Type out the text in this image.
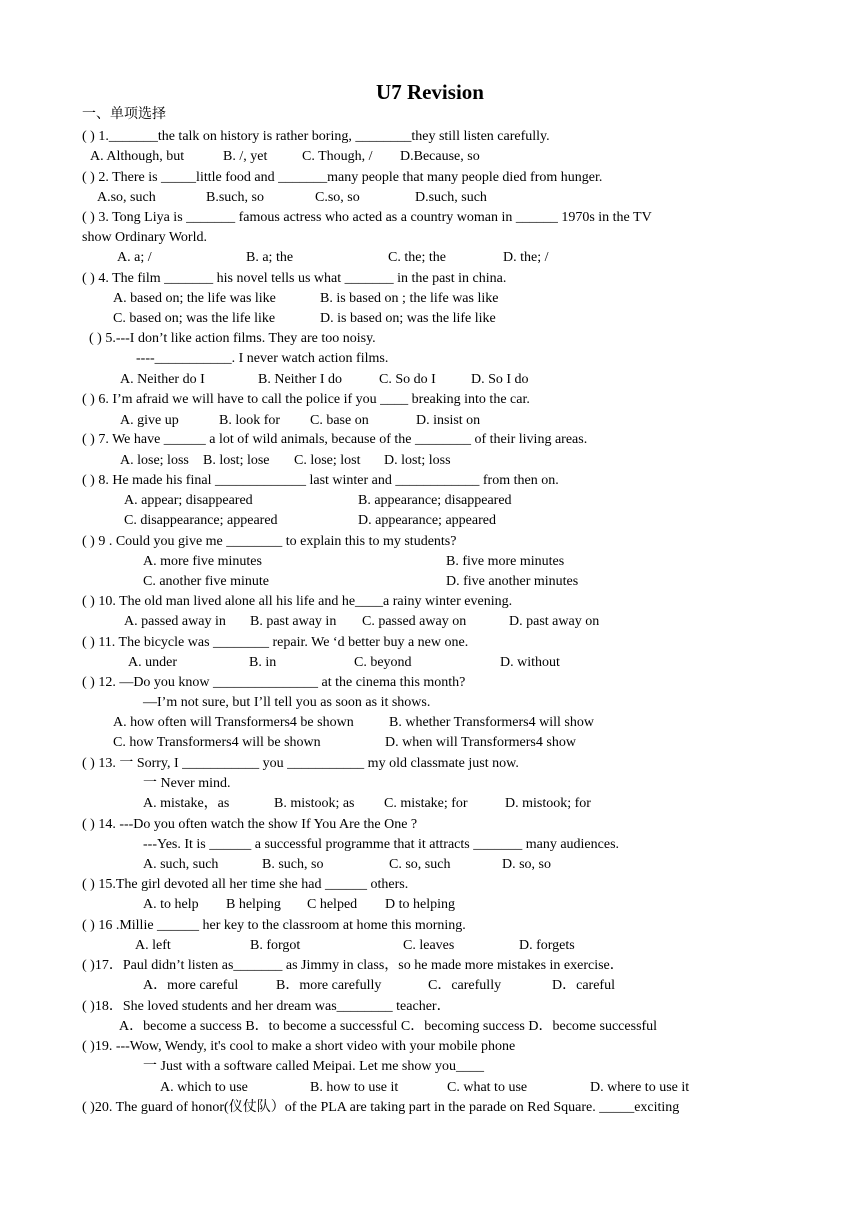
U7 Revision
一、单项选择
( ) 1._______the talk on history is rather boring, ________they still listen carefully.
A. Although, but	B. /, yet C. Though, / D.Because, so
( ) 2. There is _____little food and _______many people that many people died from hunger.
A.so, such	B.such, so	C.so, so	D.such, such
( ) 3. Tong Liya is _______ famous actress who acted as a country woman in ______ 1970s in the TV
show Ordinary World.
A. a; /	B. a; the	C. the; the	D. the; /
( ) 4. The film _______ his novel tells us what _______ in the past in china.
A. based on; the life was like	B. is based on ; the life was like
C. based on; was the life like	D. is based on; was the life like
( ) 5.---I don’t like action films. They are too noisy.
----___________. I never watch action films.
A. Neither do I	B. Neither I do	C. So do I	D. So I do
( ) 6. I’m afraid we will have to call the police if you ____ breaking into the car.
A. give up	B. look for C. base on	D. insist on
( ) 7. We have ______ a lot of wild animals, because of the ________ of their living areas.
A. lose; loss B. lost; lose C. lose; lost D. lost; loss
( ) 8. He made his final _____________ last winter and ____________ from then on.
A. appear; disappeared	B. appearance; disappeared
C. disappearance; appeared	D. appearance; appeared
( ) 9 . Could you give me ________ to explain this to my students?
A. more five minutes	B. five more minutes
C. another five minute	D. five another minutes
( ) 10. The old man lived alone all his life and he____a rainy winter evening.
A. passed away in B. past away in C. passed away on	D. past away on
( ) 11. The bicycle was ________ repair. We ‘d better buy a new one.
A. under	B. in	C. beyond	D. without
( ) 12. —Do you know _______________ at the cinema this month?
—I’m not sure, but I’ll tell you as soon as it shows.
A. how often will Transformers4 be shown	B. whether Transformers4 will show
C. how Transformers4 will be shown	D. when will Transformers4 show
( ) 13. 一 Sorry, I ___________ you ___________ my old classmate just now.
一 Never mind.
A. mistake，as	B. mistook; as C. mistake; for	D. mistook; for
( ) 14. ---Do you often watch the show If You Are the One ?
---Yes. It is ______ a successful programme that it attracts _______ many audiences.
A. such, such	B. such, so	C. so, such	D. so, so
( ) 15.The girl devoted all her time she had ______ others.
A. to help B helping C helped D to helping
( ) 16 .Millie ______ her key to the classroom at home this morning.
A. left	B. forgot	C. leaves	D. forgets
( )17．Paul didn’t listen as_______ as Jimmy in class，so he made more mistakes in exercise．
A．more careful	B．more carefully	C．carefully	D．careful
( )18．She loved students and her dream was________ teacher．
A．become a success B．to become a successful C．becoming success D．become successful
( )19. ---Wow, Wendy, it's cool to make a short video with your mobile phone
一 Just with a software called Meipai. Let me show you____
A. which to use	B. how to use it	C. what to use	D. where to use it
( )20. The guard of honor(仪仗队）of the PLA are taking part in the parade on Red Square. _____exciting
